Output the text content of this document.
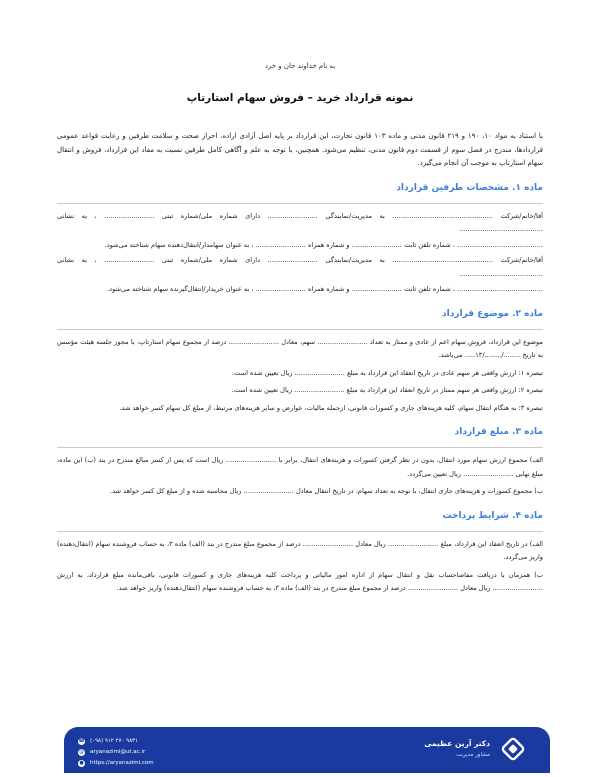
به نام خداوند جان و خرد

نمونه قرارداد خرید – فروش سهام استارتاپ

با استناد به مواد ۱۰، ۱۹۰ و ۲۱۹ قانون مدنی و ماده ۱۰۳ قانون تجارت، این قرارداد بر پایه اصل آزادی اراده، احراز صحت و سلامت طرفین و رعایت قواعد عمومی قراردادها، مندرج در فصل سوم از قسمت دوم قانون مدنی، تنظیم می‌شود. همچنین، با توجه به علم و آگاهی کامل طرفین نسبت به مفاد این قرارداد، فروش و انتقال سهام استارتاپ به موجب آن انجام می‌گیرد.

ماده ۱. مشخصات طرفین قرارداد

آقا/خانم/شرکت ................................................ به مدیریت/نمایندگی ........................ دارای شماره ملی/شماره ثبتی ........................ ، به نشانی ........................................

......................................... ، شماره تلفن ثابت ........................ و شماره همراه ........................ ، به عنوان سهامدار/انتقال‌دهنده سهام شناخته می‌شود.

آقا/خانم/شرکت ................................................ به مدیریت/نمایندگی ........................ دارای شماره ملی/شماره ثبتی ........................ ، به نشانی ........................................

......................................... ، شماره تلفن ثابت ........................ و شماره همراه ........................ ، به عنوان خریدار/انتقال‌گیرنده سهام شناخته می‌شود.

ماده ۲. موضوع قرارداد

موضوع این قرارداد، فروش سهام اعم از عادی و ممتاز به تعداد ........................ سهم، معادل ........................ درصد از مجموع سهام استارتاپ، با مجوز جلسه هیئت مؤسس به تاریخ ......../......../۱۳..... می‌باشد.

تبصره ۱: ارزش واقعی هر سهم عادی در تاریخ انعقاد این قرارداد به مبلغ ........................ ریال تعیین شده است.

تبصره ۲: ارزش واقعی هر سهم ممتاز در تاریخ انعقاد این قرارداد به مبلغ ........................ ریال تعیین شده است.

تبصره ۳: به هنگام انتقال سهام، کلیه هزینه‌های جاری و کسورات قانونی، ازجمله مالیات، عوارض و سایر هزینه‌های مرتبط، از مبلغ کل سهام کسر خواهد شد.

ماده ۳. مبلغ قرارداد

الف) مجموع ارزش سهام مورد انتقال، بدون در نظر گرفتن کسورات و هزینه‌های انتقال، برابر با ........................ ریال است که پس از کسر مبالغ مندرج در بند (ب) این ماده، مبلغ نهایی ........................ ریال تعیین می‌گردد.

ب) مجموع کسورات و هزینه‌های جاری انتقال، با توجه به تعداد سهام، در تاریخ انتقال معادل ........................ ریال محاسبه شده و از مبلغ کل کسر خواهد شد.

ماده ۴. شرایط پرداخت

الف) در تاریخ انعقاد این قرارداد، مبلغ ........................ ریال معادل ........................ درصد از مجموع مبلغ مندرج در بند (الف) ماده ۳، به حساب فروشنده سهام (انتقال‌دهنده) واریز می‌گردد.

ب) همزمان با دریافت مفاصاحساب نقل و انتقال سهام از اداره امور مالیاتی و پرداخت کلیه هزینه‌های جاری و کسورات قانونی، باقی‌مانده مبلغ قرارداد، به ارزش ........................ ریال معادل ........................ درصد از مجموع مبلغ مندرج در بند (الف) ماده ۳، به حساب فروشنده سهام (انتقال‌دهنده) واریز خواهد شد.

دکتر آرین عظیمی
مشاور مدیریت
☎ (۰۹۸) ۹۱۲ ۲۷۰ ۹۸۳۱
@ aryanazimi@ut.ac.ir
● https://aryanazimi.com
